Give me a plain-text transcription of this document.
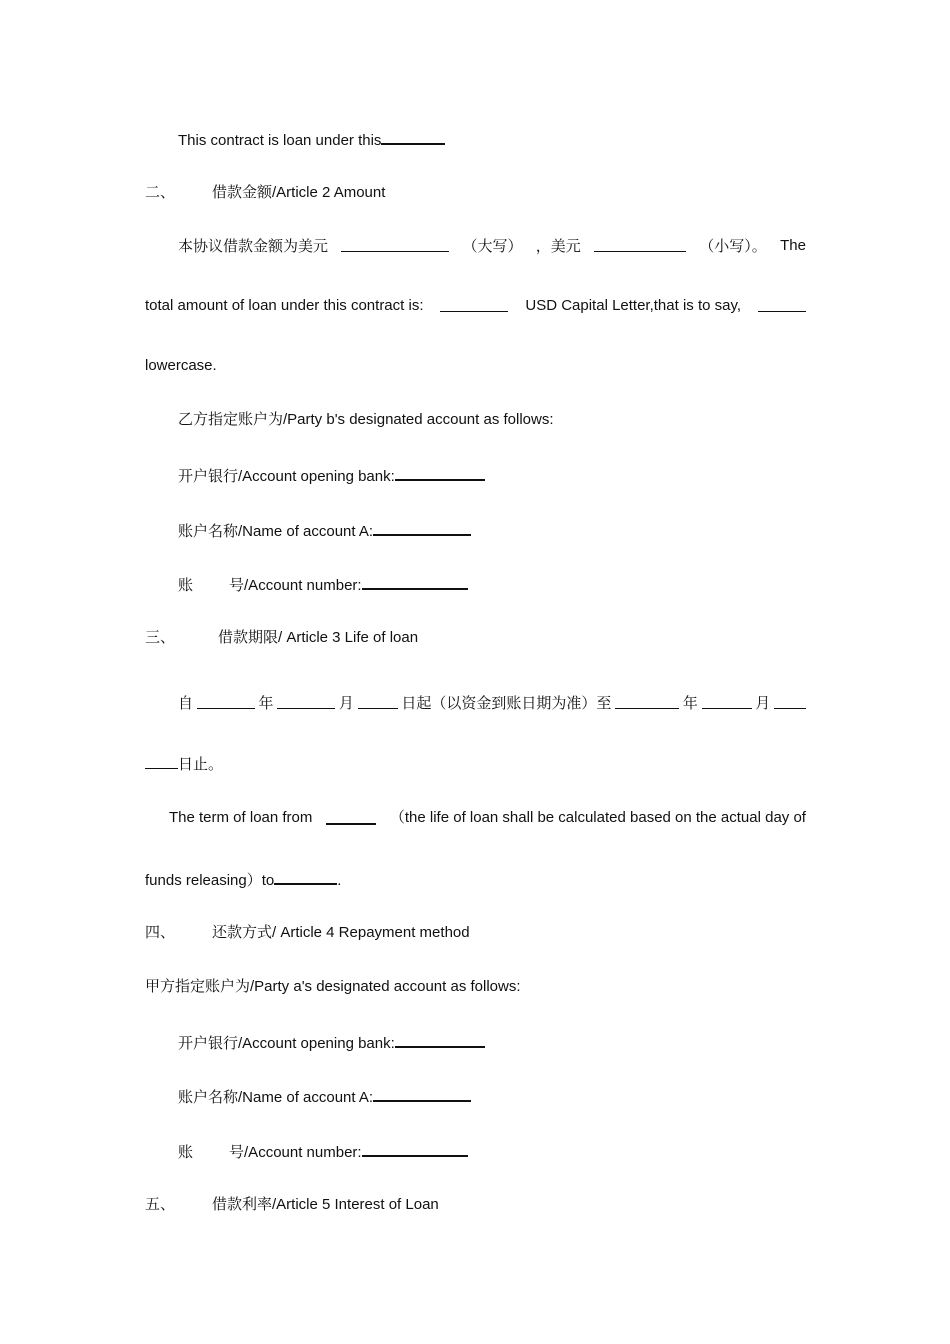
This contract is loan under this
二、 借款金额/Article 2 Amount
本协议借款金额为美元	（大写） ，美元	（小写）。 The
total amount of loan under this contract is:	USD Capital Letter,that is to say,
lowercase.
乙方指定账户为/Party b's designated account as follows:
开户银行/Account opening bank:
账户名称/Name of account A:
账 号/Account number:
三、	借款期限/ Article 3 Life of loan
自	年	月	日起（以资金到账日期为准）至	年	月
日止。
The term of loan from	（the life of loan shall be calculated based on the actual day of
funds releasing）to	.
四、 还款方式/ Article 4 Repayment method
甲方指定账户为/Party a's designated account as follows:
开户银行/Account opening bank:
账户名称/Name of account A:
账 号/Account number:
五、 借款利率/Article 5 Interest of Loan
